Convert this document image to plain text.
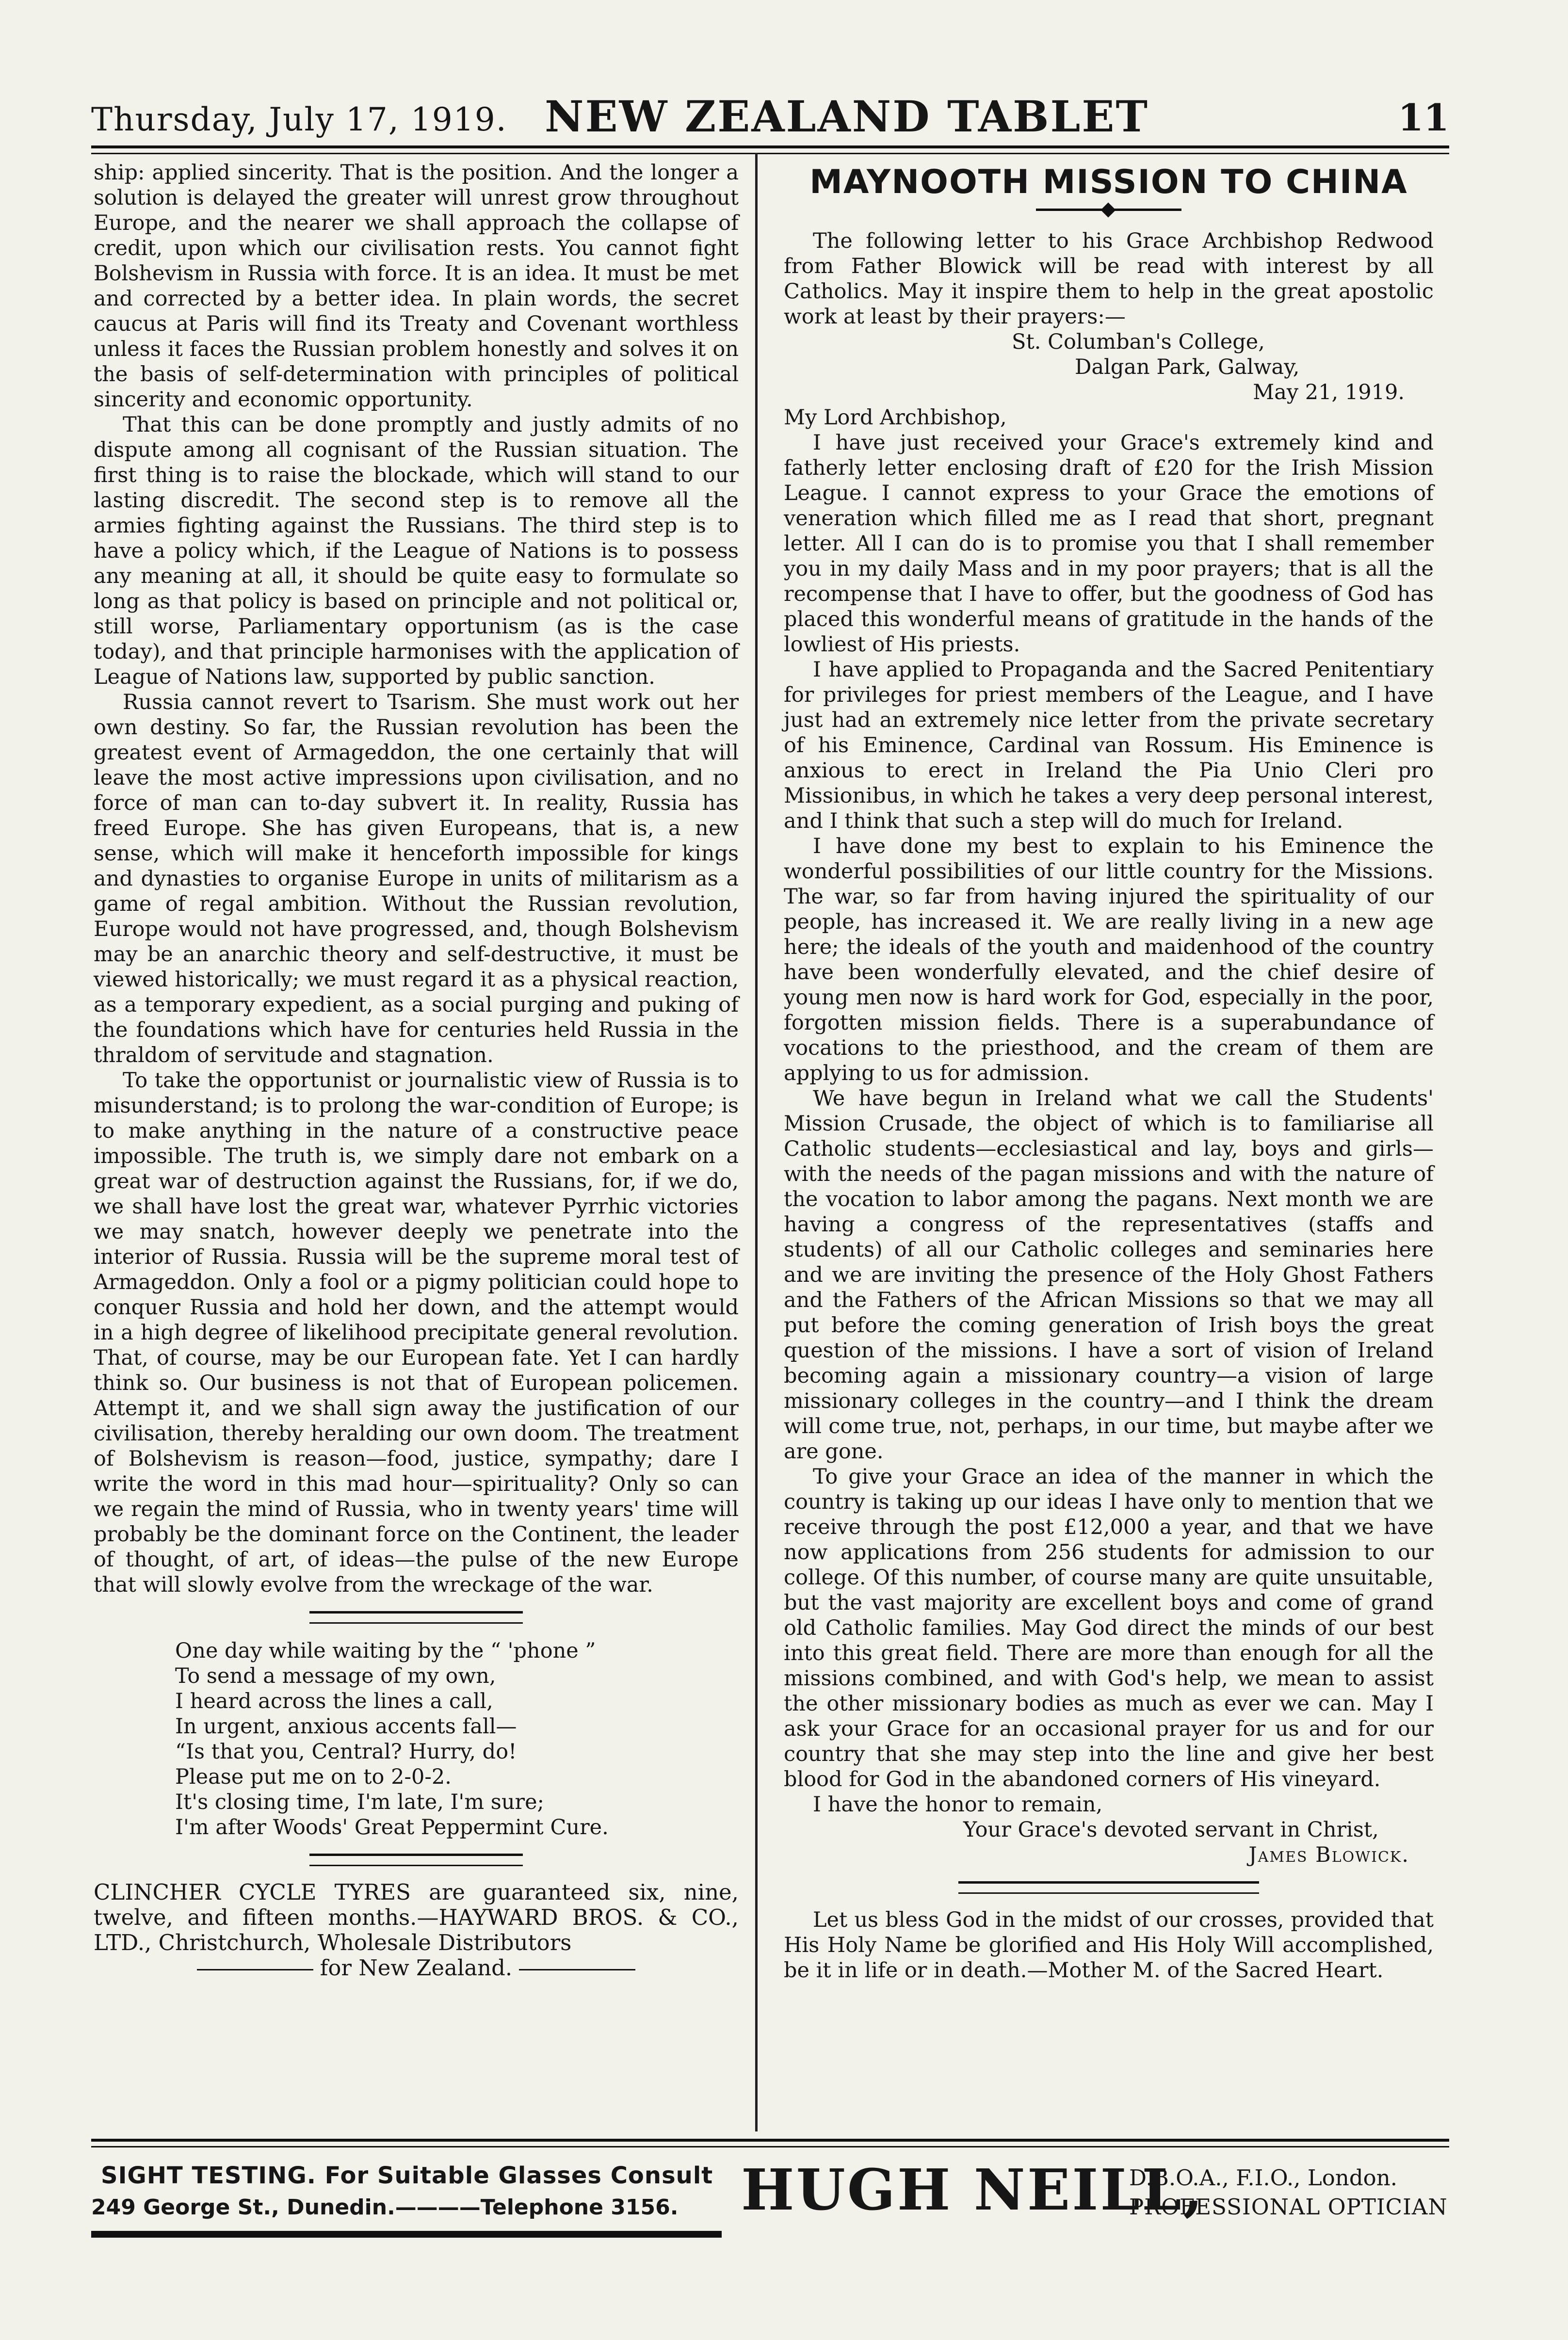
Thursday, July 17, 1919. NEW ZEALAND TABLET	11

ship: applied sincerity. That is the position. And the longer a solution is delayed the greater will unrest grow throughout Europe, and the nearer we shall approach the collapse of credit, upon which our civilisation rests. You cannot fight Bolshevism in Russia with force. It is an idea. It must be met and corrected by a better idea. In plain words, the secret caucus at Paris will find its Treaty and Covenant worthless unless it faces the Russian problem honestly and solves it on the basis of self-determination with principles of political sincerity and economic opportunity.

That this can be done promptly and justly admits of no dispute among all cognisant of the Russian situation. The first thing is to raise the blockade, which will stand to our lasting discredit. The second step is to remove all the armies fighting against the Russians. The third step is to have a policy which, if the League of Nations is to possess any meaning at all, it should be quite easy to formulate so long as that policy is based on principle and not political or, still worse, Parliamentary opportunism (as is the case today), and that principle harmonises with the application of League of Nations law, supported by public sanction.

Russia cannot revert to Tsarism. She must work out her own destiny. So far, the Russian revolution has been the greatest event of Armageddon, the one certainly that will leave the most active impressions upon civilisation, and no force of man can to-day subvert it. In reality, Russia has freed Europe. She has given Europeans, that is, a new sense, which will make it henceforth impossible for kings and dynasties to organise Europe in units of militarism as a game of regal ambition. Without the Russian revolution, Europe would not have progressed, and, though Bolshevism may be an anarchic theory and self-destructive, it must be viewed historically; we must regard it as a physical reaction, as a temporary expedient, as a social purging and puking of the foundations which have for centuries held Russia in the thraldom of servitude and stagnation.

To take the opportunist or journalistic view of Russia is to misunderstand; is to prolong the war-condition of Europe; is to make anything in the nature of a constructive peace impossible. The truth is, we simply dare not embark on a great war of destruction against the Russians, for, if we do, we shall have lost the great war, whatever Pyrrhic victories we may snatch, however deeply we penetrate into the interior of Russia. Russia will be the supreme moral test of Armageddon. Only a fool or a pigmy politician could hope to conquer Russia and hold her down, and the attempt would in a high degree of likelihood precipitate general revolution. That, of course, may be our European fate. Yet I can hardly think so. Our business is not that of European policemen. Attempt it, and we shall sign away the justification of our civilisation, thereby heralding our own doom. The treatment of Bolshevism is reason—food, justice, sympathy; dare I write the word in this mad hour—spirituality? Only so can we regain the mind of Russia, who in twenty years' time will probably be the dominant force on the Continent, the leader of thought, of art, of ideas—the pulse of the new Europe that will slowly evolve from the wreckage of the war.

One day while waiting by the “ 'phone ”
To send a message of my own,
I heard across the lines a call,
In urgent, anxious accents fall—
“Is that you, Central? Hurry, do!
Please put me on to 2-0-2.
It's closing time, I'm late, I'm sure;
I'm after Woods' Great Peppermint Cure.

CLINCHER CYCLE TYRES are guaranteed six, nine, twelve, and fifteen months.—HAYWARD BROS. & CO., LTD., Christchurch, Wholesale Distributors

for New Zealand.
MAYNOOTH MISSION TO CHINA

The following letter to his Grace Archbishop Redwood from Father Blowick will be read with interest by all Catholics. May it inspire them to help in the great apostolic work at least by their prayers:—

St. Columban's College,

Dalgan Park, Galway,

May 21, 1919.

My Lord Archbishop,

I have just received your Grace's extremely kind and fatherly letter enclosing draft of £20 for the Irish Mission League. I cannot express to your Grace the emotions of veneration which filled me as I read that short, pregnant letter. All I can do is to promise you that I shall remember you in my daily Mass and in my poor prayers; that is all the recompense that I have to offer, but the goodness of God has placed this wonderful means of gratitude in the hands of the lowliest of His priests.

I have applied to Propaganda and the Sacred Penitentiary for privileges for priest members of the League, and I have just had an extremely nice letter from the private secretary of his Eminence, Cardinal van Rossum. His Eminence is anxious to erect in Ireland the Pia Unio Cleri pro Missionibus, in which he takes a very deep personal interest, and I think that such a step will do much for Ireland.

I have done my best to explain to his Eminence the wonderful possibilities of our little country for the Missions. The war, so far from having injured the spirituality of our people, has increased it. We are really living in a new age here; the ideals of the youth and maidenhood of the country have been wonderfully elevated, and the chief desire of young men now is hard work for God, especially in the poor, forgotten mission fields. There is a superabundance of vocations to the priesthood, and the cream of them are applying to us for admission.

We have begun in Ireland what we call the Students' Mission Crusade, the object of which is to familiarise all Catholic students—ecclesiastical and lay, boys and girls—with the needs of the pagan missions and with the nature of the vocation to labor among the pagans. Next month we are having a congress of the representatives (staffs and students) of all our Catholic colleges and seminaries here and we are inviting the presence of the Holy Ghost Fathers and the Fathers of the African Missions so that we may all put before the coming generation of Irish boys the great question of the missions. I have a sort of vision of Ireland becoming again a missionary country—a vision of large missionary colleges in the country—and I think the dream will come true, not, perhaps, in our time, but maybe after we are gone.

To give your Grace an idea of the manner in which the country is taking up our ideas I have only to mention that we receive through the post £12,000 a year, and that we have now applications from 256 students for admission to our college. Of this number, of course many are quite unsuitable, but the vast majority are excellent boys and come of grand old Catholic families. May God direct the minds of our best into this great field. There are more than enough for all the missions combined, and with God's help, we mean to assist the other missionary bodies as much as ever we can. May I ask your Grace for an occasional prayer for us and for our country that she may step into the line and give her best blood for God in the abandoned corners of His vineyard.

I have the honor to remain,

Your Grace's devoted servant in Christ,

James Blowick.

Let us bless God in the midst of our crosses, provided that His Holy Name be glorified and His Holy Will accomplished, be it in life or in death.—Mother M. of the Sacred Heart.

SIGHT TESTING. For Suitable Glasses Consult
249 George St., Dunedin.————Telephone 3156. HUGH NEILL,
D.B.O.A., F.I.O., London.
PROFESSIONAL OPTICIAN
